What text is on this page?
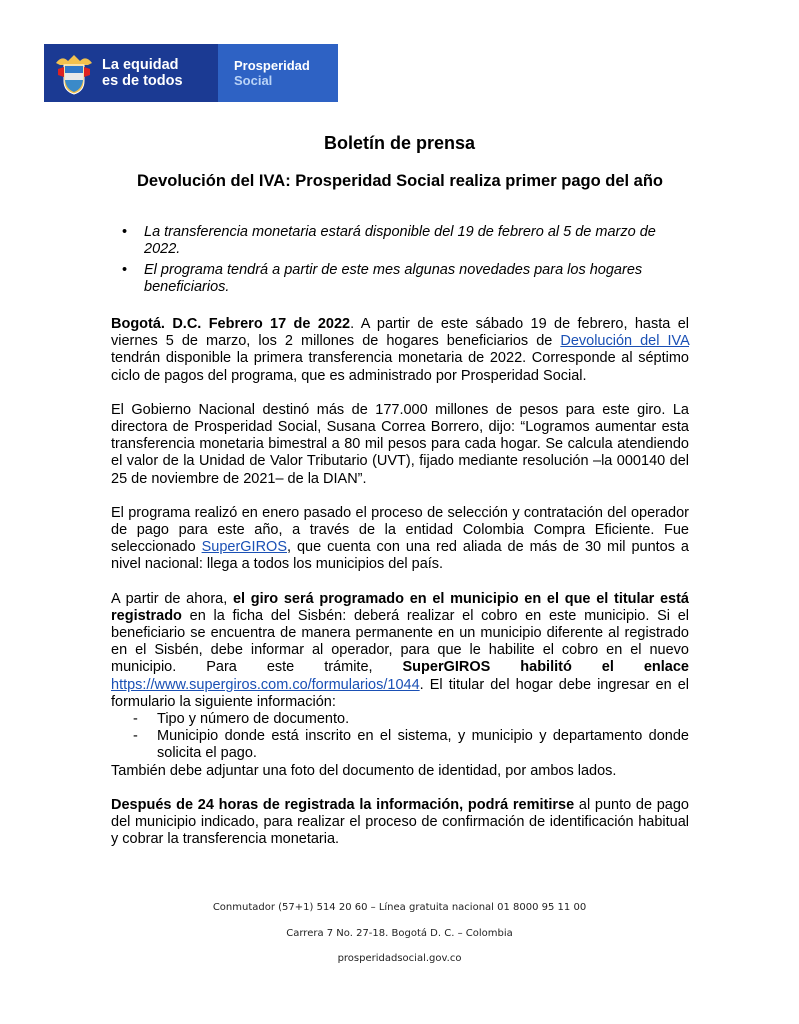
La equidad
es de todos
Prosperidad
Social
Boletín de prensa
Devolución del IVA: Prosperidad Social realiza primer pago del año
• La transferencia monetaria estará disponible del 19 de febrero al 5 de marzo de 2022.
• El programa tendrá a partir de este mes algunas novedades para los hogares beneficiarios.

Bogotá. D.C. Febrero 17 de 2022. A partir de este sábado 19 de febrero, hasta el viernes 5 de marzo, los 2 millones de hogares beneficiarios de Devolución del IVA tendrán disponible la primera transferencia monetaria de 2022. Corresponde al séptimo ciclo de pagos del programa, que es administrado por Prosperidad Social.

El Gobierno Nacional destinó más de 177.000 millones de pesos para este giro. La directora de Prosperidad Social, Susana Correa Borrero, dijo: “Logramos aumentar esta transferencia monetaria bimestral a 80 mil pesos para cada hogar. Se calcula atendiendo el valor de la Unidad de Valor Tributario (UVT), fijado mediante resolución –la 000140 del 25 de noviembre de 2021– de la DIAN”.

El programa realizó en enero pasado el proceso de selección y contratación del operador de pago para este año, a través de la entidad Colombia Compra Eficiente. Fue seleccionado SuperGIROS, que cuenta con una red aliada de más de 30 mil puntos a nivel nacional: llega a todos los municipios del país.

A partir de ahora, el giro será programado en el municipio en el que el titular está registrado en la ficha del Sisbén: deberá realizar el cobro en este municipio. Si el beneficiario se encuentra de manera permanente en un municipio diferente al registrado en el Sisbén, debe informar al operador, para que le habilite el cobro en el nuevo municipio. Para este trámite, SuperGIROS habilitó el enlace https://www.supergiros.com.co/formularios/1044. El titular del hogar debe ingresar en el formulario la siguiente información:

- Tipo y número de documento.
- Municipio donde está inscrito en el sistema, y municipio y departamento donde solicita el pago.

También debe adjuntar una foto del documento de identidad, por ambos lados.

Después de 24 horas de registrada la información, podrá remitirse al punto de pago del municipio indicado, para realizar el proceso de confirmación de identificación habitual y cobrar la transferencia monetaria.

Conmutador (57+1) 514 20 60 – Línea gratuita nacional 01 8000 95 11 00
Carrera 7 No. 27-18. Bogotá D. C. – Colombia
prosperidadsocial.gov.co
